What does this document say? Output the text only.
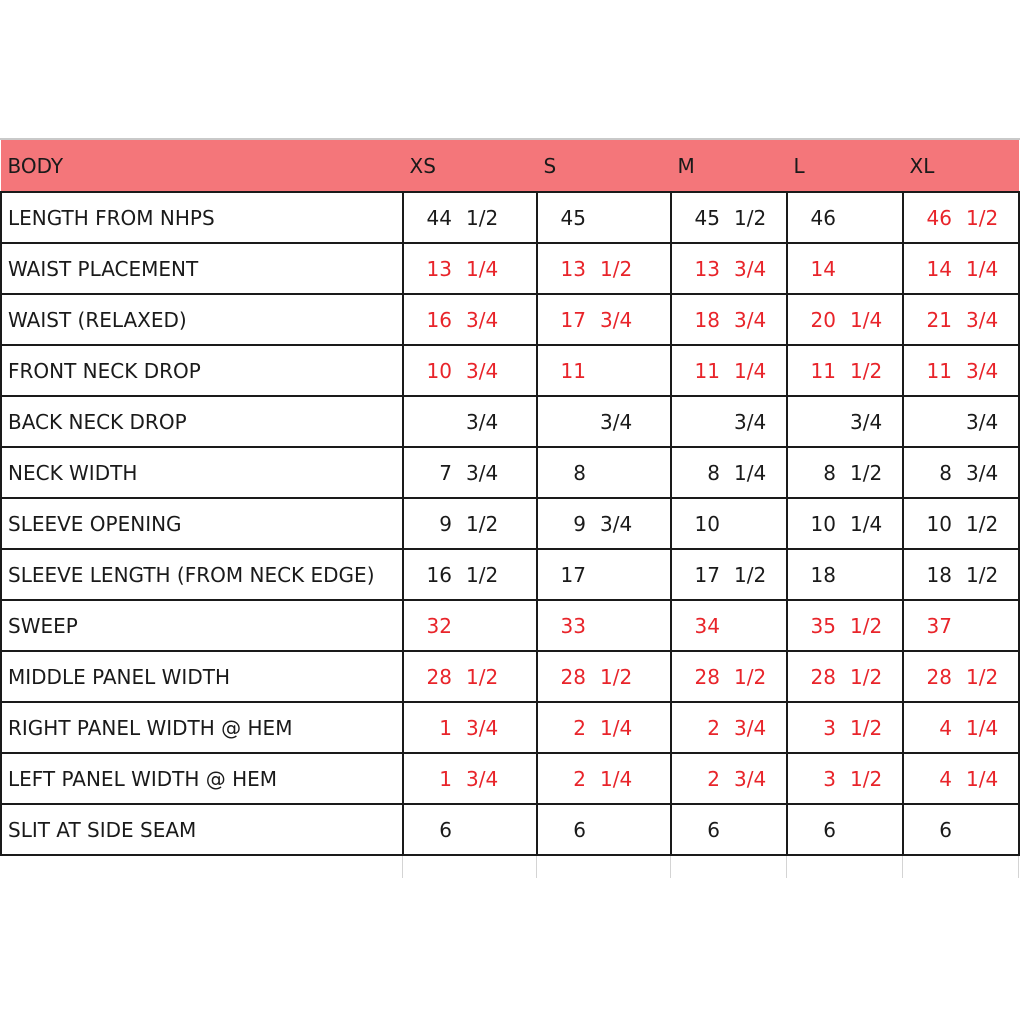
BODY	XS	S	M	L	XL
LENGTH FROM NHPS	44 1/2	45	45 1/2	46	46 1/2

WAIST PLACEMENT	13 1/4	13 1/2	13 3/4	14	14 1/4

WAIST (RELAXED)	16 3/4	17 3/4	18 3/4	20 1/4	21 3/4

FRONT NECK DROP	10 3/4	11	11 1/4	11 1/2	11 3/4

BACK NECK DROP	3/4	3/4	3/4	3/4	3/4

NECK WIDTH	7 3/4	8	8 1/4	8 1/2	8 3/4

SLEEVE OPENING	9 1/2	9 3/4	10	10 1/4	10 1/2

SLEEVE LENGTH (FROM NECK EDGE)	16 1/2	17	17 1/2	18	18 1/2

SWEEP	32	33	34	35 1/2	37

MIDDLE PANEL WIDTH	28 1/2	28 1/2	28 1/2	28 1/2	28 1/2

RIGHT PANEL WIDTH @ HEM	1 3/4	2 1/4	2 3/4	3 1/2	4 1/4

LEFT PANEL WIDTH @ HEM	1 3/4	2 1/4	2 3/4	3 1/2	4 1/4

SLIT AT SIDE SEAM	6	6	6	6	6
